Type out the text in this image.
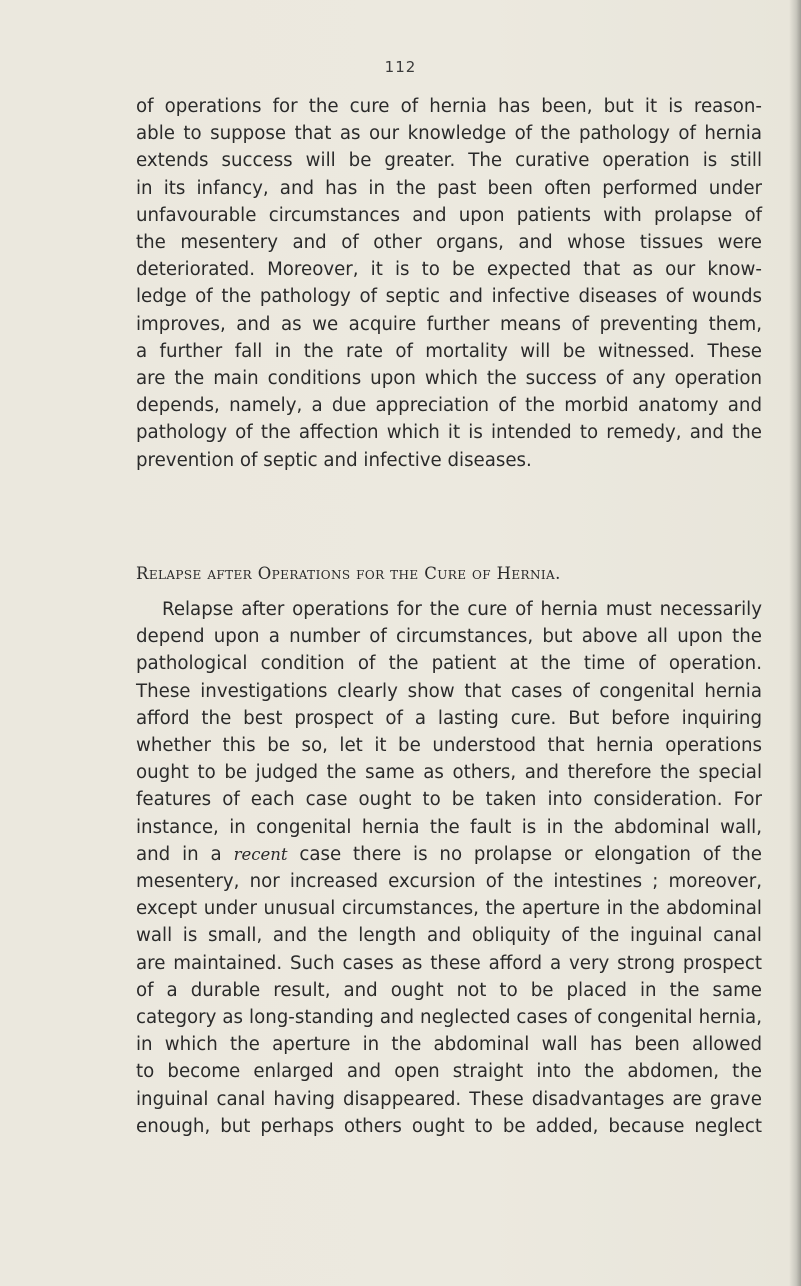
112
of operations for the cure of hernia has been, but it is reason-
able to suppose that as our knowledge of the pathology of hernia
extends success will be greater. The curative operation is still
in its infancy, and has in the past been often performed under
unfavourable circumstances and upon patients with prolapse of
the mesentery and of other organs, and whose tissues were
deteriorated. Moreover, it is to be expected that as our know-
ledge of the pathology of septic and infective diseases of wounds
improves, and as we acquire further means of preventing them,
a further fall in the rate of mortality will be witnessed. These
are the main conditions upon which the success of any operation
depends, namely, a due appreciation of the morbid anatomy and
pathology of the affection which it is intended to remedy, and the
prevention of septic and infective diseases.
Relapse after Operations for the Cure of Hernia.
Relapse after operations for the cure of hernia must necessarily
depend upon a number of circumstances, but above all upon the
pathological condition of the patient at the time of operation.
These investigations clearly show that cases of congenital hernia
afford the best prospect of a lasting cure. But before inquiring
whether this be so, let it be understood that hernia operations
ought to be judged the same as others, and therefore the special
features of each case ought to be taken into consideration. For
instance, in congenital hernia the fault is in the abdominal wall,
and in a recent case there is no prolapse or elongation of the
mesentery, nor increased excursion of the intestines ; moreover,
except under unusual circumstances, the aperture in the abdominal
wall is small, and the length and obliquity of the inguinal canal
are maintained. Such cases as these afford a very strong prospect
of a durable result, and ought not to be placed in the same
category as long-standing and neglected cases of congenital hernia,
in which the aperture in the abdominal wall has been allowed
to become enlarged and open straight into the abdomen, the
inguinal canal having disappeared. These disadvantages are grave
enough, but perhaps others ought to be added, because neglect
